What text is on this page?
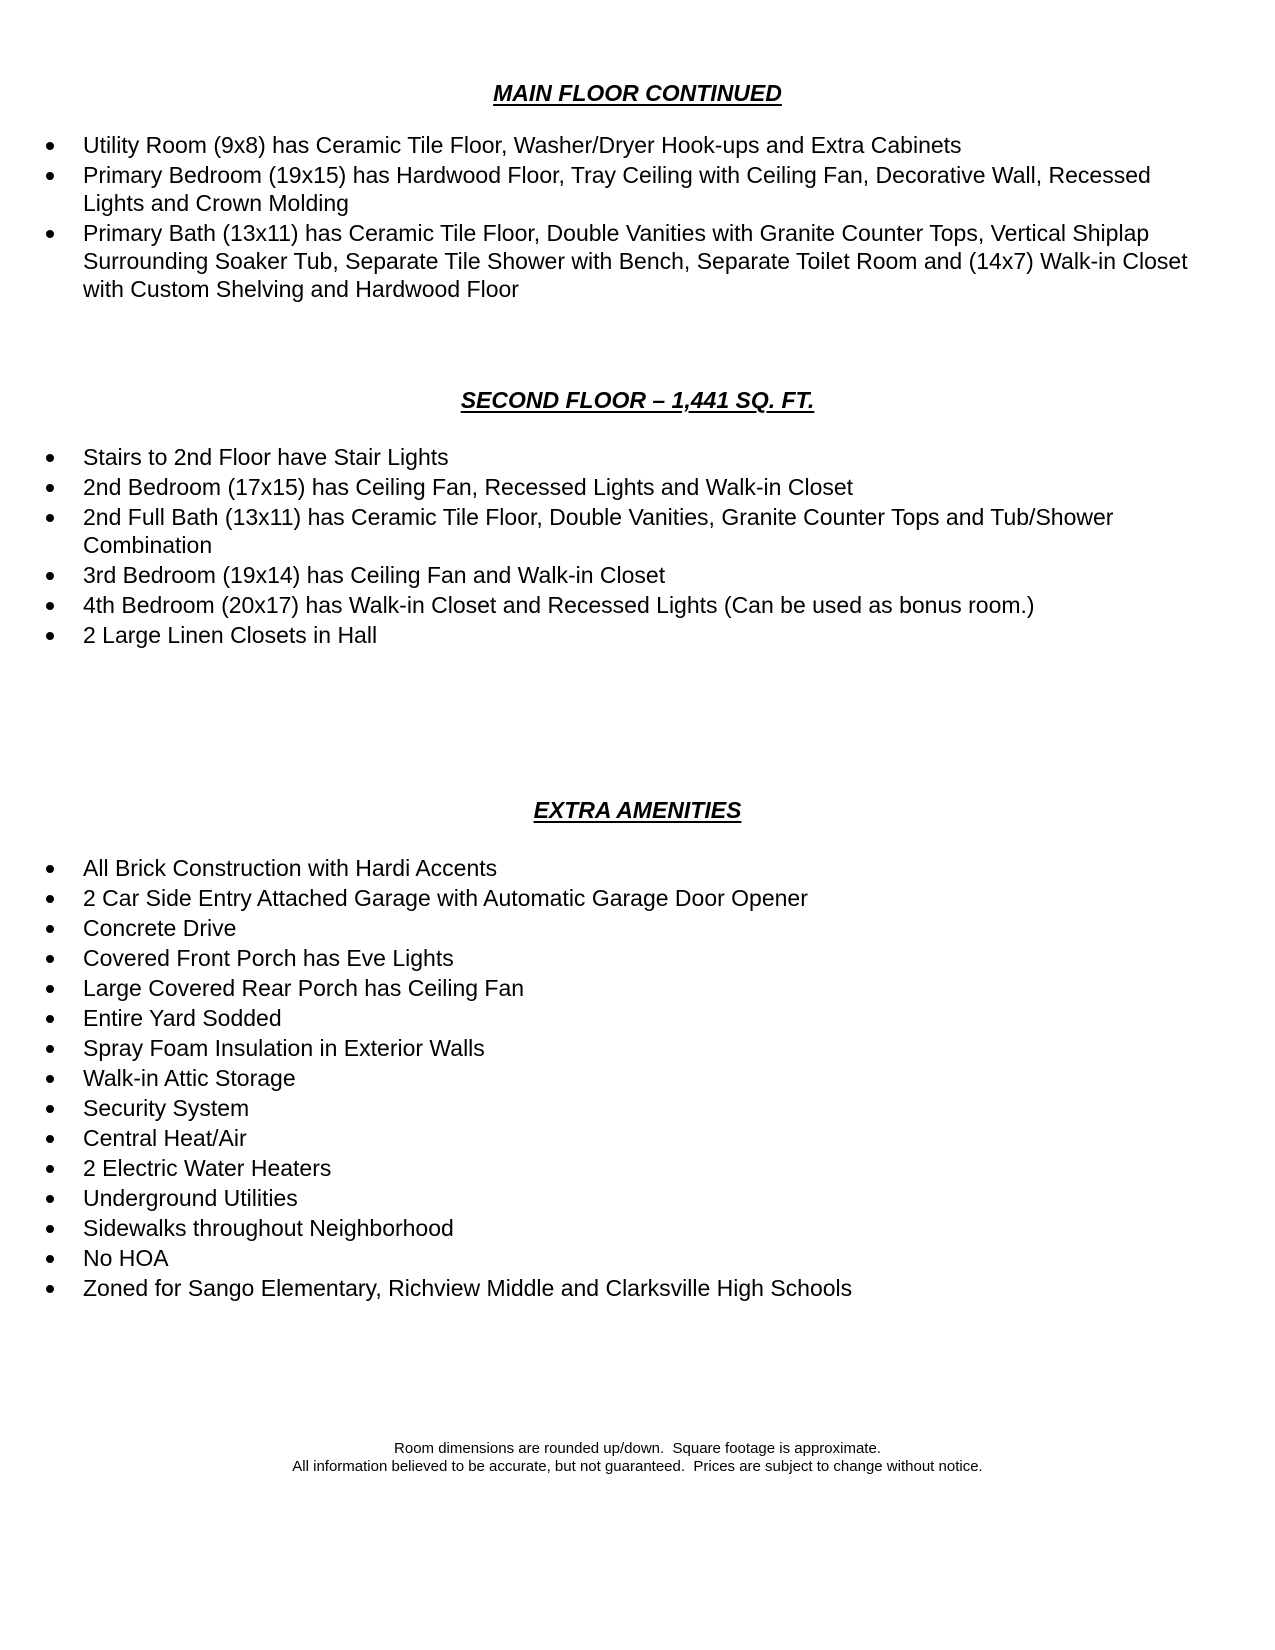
MAIN FLOOR CONTINUED
Utility Room (9x8) has Ceramic Tile Floor, Washer/Dryer Hook-ups and Extra Cabinets
Primary Bedroom (19x15) has Hardwood Floor, Tray Ceiling with Ceiling Fan, Decorative Wall, Recessed Lights and Crown Molding
Primary Bath (13x11) has Ceramic Tile Floor, Double Vanities with Granite Counter Tops, Vertical Shiplap Surrounding Soaker Tub, Separate Tile Shower with Bench, Separate Toilet Room and (14x7) Walk-in Closet with Custom Shelving and Hardwood Floor
SECOND FLOOR – 1,441 SQ. FT.
Stairs to 2nd Floor have Stair Lights
2nd Bedroom (17x15) has Ceiling Fan, Recessed Lights and Walk-in Closet
2nd Full Bath (13x11) has Ceramic Tile Floor, Double Vanities, Granite Counter Tops and Tub/Shower Combination
3rd Bedroom (19x14) has Ceiling Fan and Walk-in Closet
4th Bedroom (20x17) has Walk-in Closet and Recessed Lights (Can be used as bonus room.)
2 Large Linen Closets in Hall
EXTRA AMENITIES
All Brick Construction with Hardi Accents
2 Car Side Entry Attached Garage with Automatic Garage Door Opener
Concrete Drive
Covered Front Porch has Eve Lights
Large Covered Rear Porch has Ceiling Fan
Entire Yard Sodded
Spray Foam Insulation in Exterior Walls
Walk-in Attic Storage
Security System
Central Heat/Air
2 Electric Water Heaters
Underground Utilities
Sidewalks throughout Neighborhood
No HOA
Zoned for Sango Elementary, Richview Middle and Clarksville High Schools
Room dimensions are rounded up/down.  Square footage is approximate.
All information believed to be accurate, but not guaranteed.  Prices are subject to change without notice.
